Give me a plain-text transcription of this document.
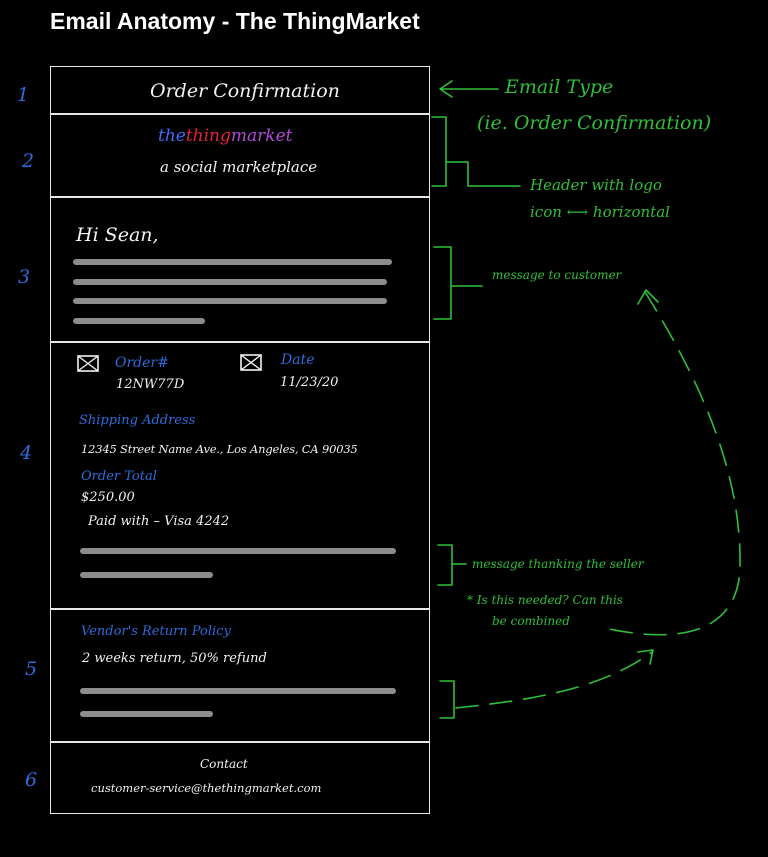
Email Anatomy - The ThingMarket
1
2
3
4
5
6
Order Confirmation
thethingmarket
a social marketplace
Hi Sean,
Order#
12NW77D
Date
11/23/20
Shipping Address
12345 Street Name Ave., Los Angeles, CA 90035
Order Total
$250.00
Paid with – Visa 4242
Vendor's Return Policy
2 weeks return, 50% refund
Contact
customer-service@thethingmarket.com
Email Type
(ie. Order Confirmation)
Header with logo
icon ⟷ horizontal
message to customer
message thanking the seller
* Is this needed? Can this
be combined
